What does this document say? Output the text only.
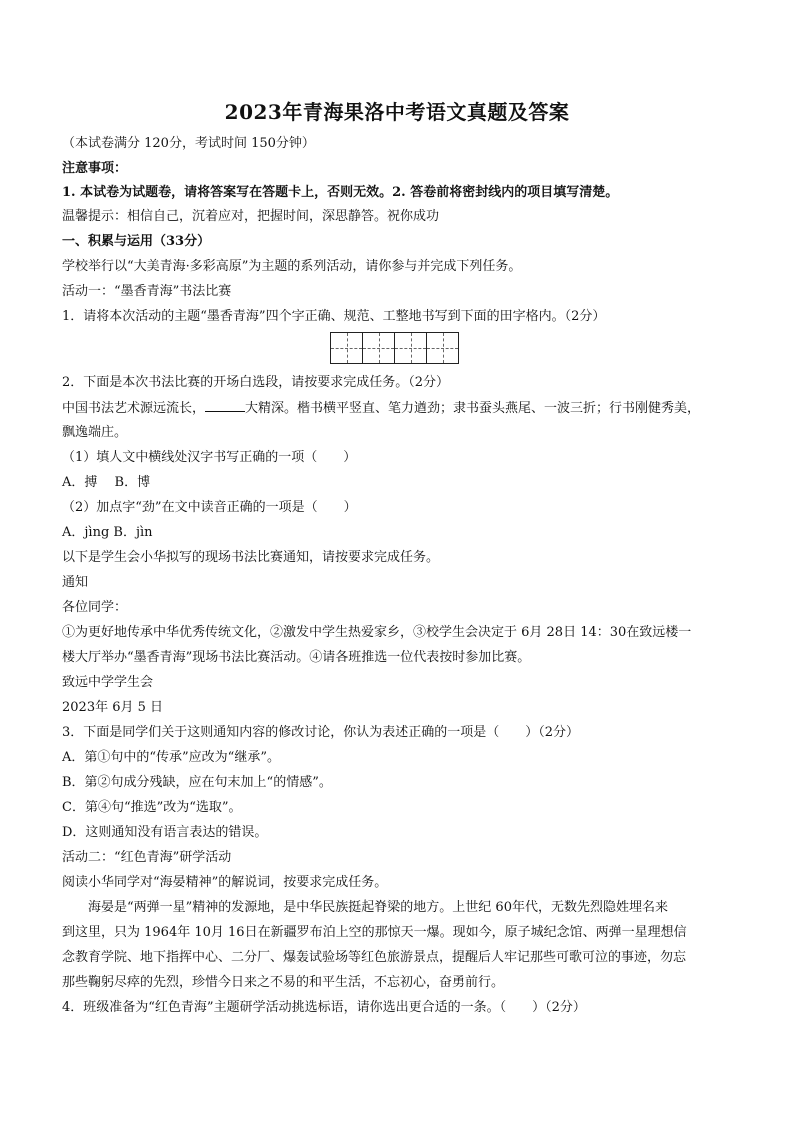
2023年青海果洛中考语文真题及答案
（本试卷满分 120分，考试时间 150分钟）
注意事项：
1. 本试卷为试题卷，请将答案写在答题卡上，否则无效。2. 答卷前将密封线内的项目填写清楚。
温馨提示：相信自己，沉着应对，把握时间，深思静答。祝你成功
一、积累与运用（33分）
学校举行以“大美青海·多彩高原”为主题的系列活动，请你参与并完成下列任务。
活动一：“墨香青海”书法比赛
1．请将本次活动的主题“墨香青海”四个字正确、规范、工整地书写到下面的田字格内。（2分）
2．下面是本次书法比赛的开场白选段，请按要求完成任务。（2分）
中国书法艺术源远流长，	大精深。楷书横平竖直、笔力遒劲；隶书蚕头燕尾、一波三折；行书刚健秀美，
飘逸端庄。
（1）填人文中横线处汉字书写正确的一项（　　）
A．搏　 B．博
（2）加点字“劲”在文中读音正确的一项是（　　）
A．jìng B．jìn
以下是学生会小华拟写的现场书法比赛通知，请按要求完成任务。
通知
各位同学：
①为更好地传承中华优秀传统文化，②激发中学生热爱家乡，③校学生会决定于 6月 28日 14：30在致远楼一
楼大厅举办“墨香青海”现场书法比赛活动。④请各班推选一位代表按时参加比赛。
致远中学学生会
2023年 6月 5 日
3．下面是同学们关于这则通知内容的修改讨论，你认为表述正确的一项是（　　）（2分）
A．第①句中的“传承”应改为“继承”。
B．第②句成分残缺，应在句末加上“的情感”。
C．第④句“推选”改为“选取”。
D．这则通知没有语言表达的错误。
活动二：“红色青海”研学活动
阅读小华同学对“海晏精神”的解说词，按要求完成任务。
海晏是“两弹一星”精神的发源地，是中华民族挺起脊梁的地方。上世纪 60年代，无数先烈隐姓埋名来
到这里，只为 1964年 10月 16日在新疆罗布泊上空的那惊天一爆。现如今，原子城纪念馆、两弹一星理想信
念教育学院、地下指挥中心、二分厂、爆轰试验场等红色旅游景点，提醒后人牢记那些可歌可泣的事迹，勿忘
那些鞠躬尽瘁的先烈，珍惜今日来之不易的和平生活，不忘初心，奋勇前行。
4．班级准备为“红色青海”主题研学活动挑选标语，请你选出更合适的一条。（　　）（2分）
